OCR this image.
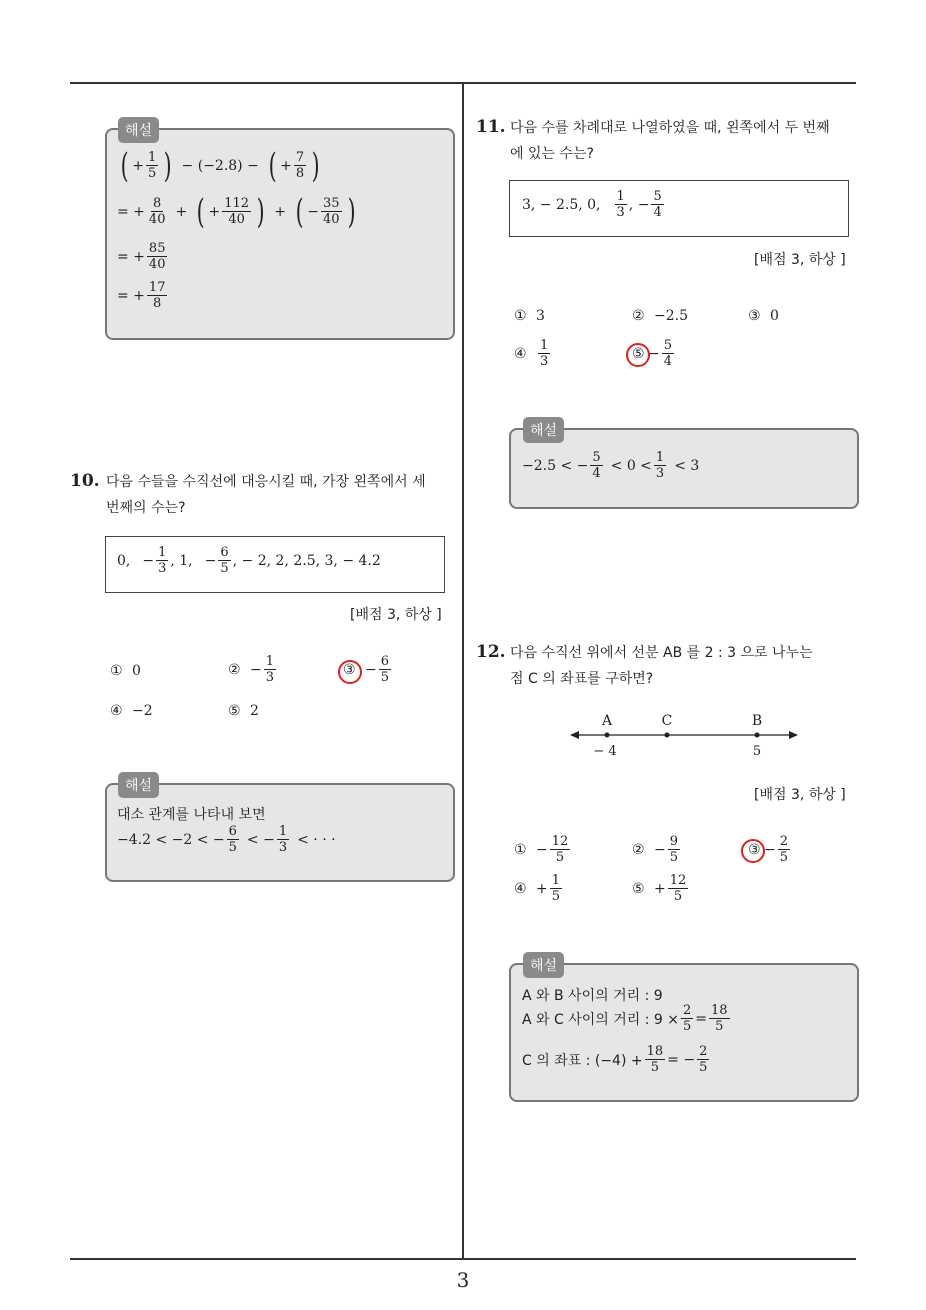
3
해설
( + $\frac{1}{5}$ ) − (−2.8) − ( + $\frac{7}{8}$ )
= + $\frac{8}{40}$ + ( + $\frac{112}{40}$ ) + ( − $\frac{35}{40}$ )
= + $\frac{85}{40}$
= + $\frac{17}{8}$
10. 다음 수들을 수직선에 대응시킬 때, 가장 왼쪽에서 세
번째의 수는?
0, − $\frac{1}{3}$ , 1, − $\frac{6}{5}$ , − 2, 2, 2.5, 3, − 4.2
[배점 3, 하상 ]
① 0	② − $\frac{1}{3}$	③ − $\frac{6}{5}$
④ −2	⑤ 2
해설
대소 관계를 나타내 보면
−4.2 < −2 < − $\frac{6}{5}$ < − $\frac{1}{3}$ < · · ·
11. 다음 수를 차례대로 나열하였을 때, 왼쪽에서 두 번째
에 있는 수는?
3, − 2.5, 0, $\frac{1}{3}$ , − $\frac{5}{4}$
[배점 3, 하상 ]
① 3	② −2.5	③ 0
④ $\frac{1}{3}$	⑤ − $\frac{5}{4}$
해설
−2.5 < − $\frac{5}{4} < 0 < \frac{1}{3} < 3$
12. 다음 수직선 위에서 선분 AB 를 2 : 3 으로 나누는
점 C 의 좌표를 구하면?
A	C	B
− 4	5
[배점 3, 하상 ]
① − $\frac{12}{5}$	② − $\frac{9}{5}$	③ − $\frac{2}{5}$
④ + $\frac{1}{5}$	⑤ + $\frac{12}{5}$
해설
A 와 B 사이의 거리 : 9
A 와 C 사이의 거리 : $9 \times \frac{2}{5} = \frac{18}{5}$
C 의 좌표 : $(-4) + \frac{18}{5}$ = − $\frac{2}{5}$
